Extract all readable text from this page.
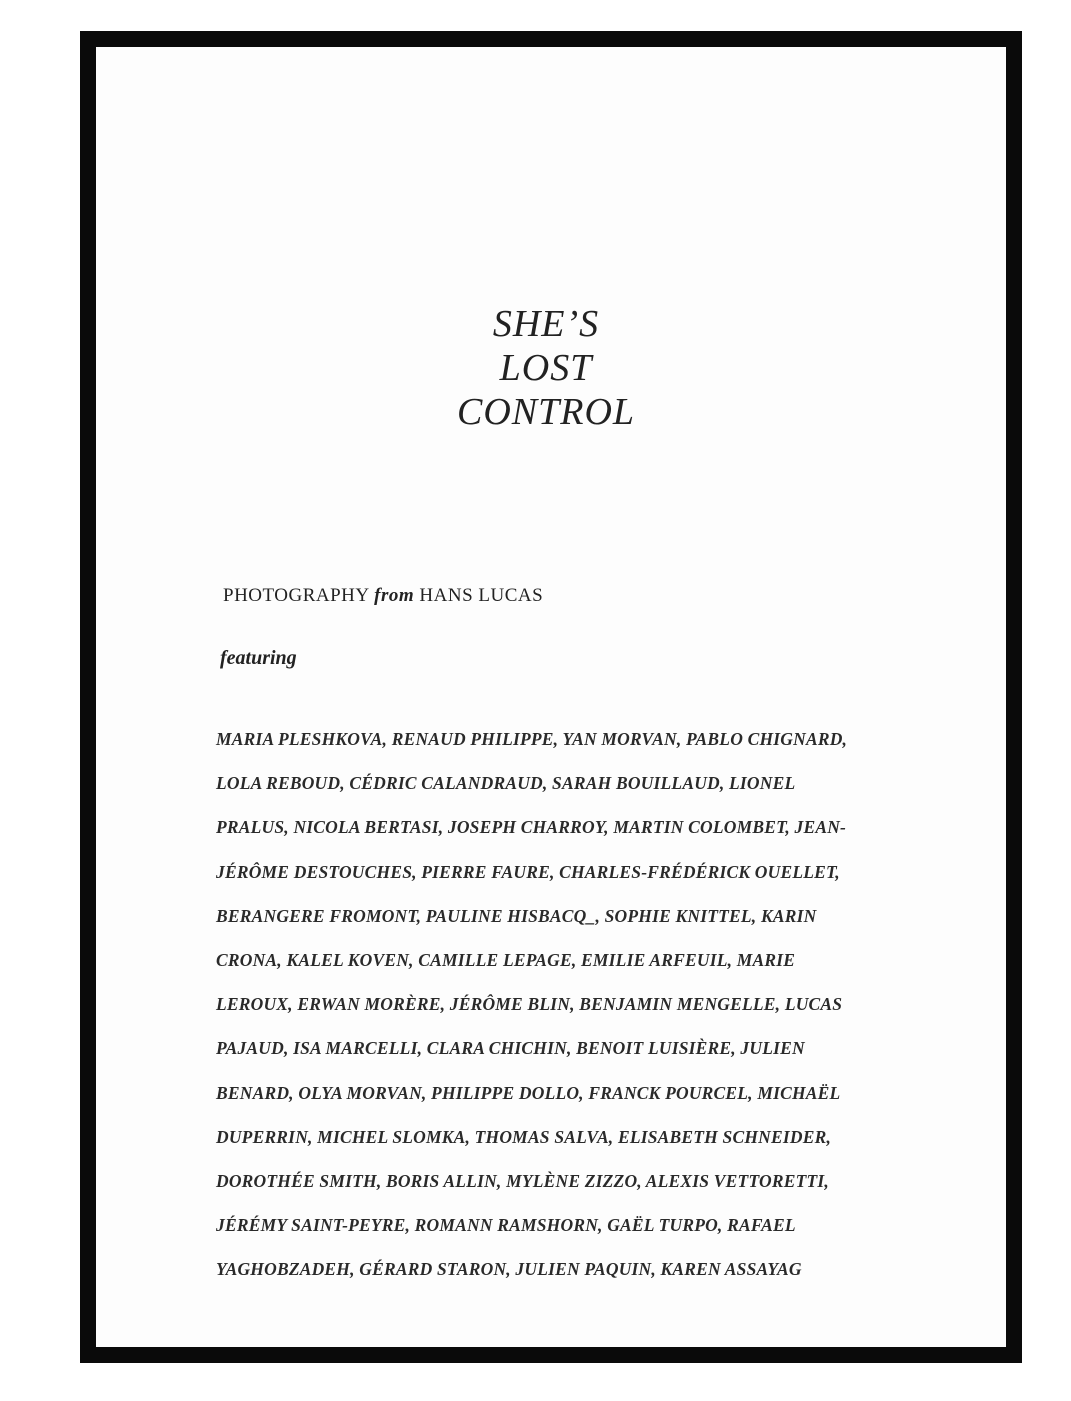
SHE’S
LOST
CONTROL
PHOTOGRAPHY from HANS LUCAS
featuring
MARIA PLESHKOVA, RENAUD PHILIPPE, YAN MORVAN, PABLO CHIGNARD,
LOLA REBOUD, CÉDRIC CALANDRAUD, SARAH BOUILLAUD, LIONEL
PRALUS, NICOLA BERTASI, JOSEPH CHARROY, MARTIN COLOMBET, JEAN-
JÉRÔME DESTOUCHES, PIERRE FAURE, CHARLES-FRÉDÉRICK OUELLET,
BERANGERE FROMONT, PAULINE HISBACQ_, SOPHIE KNITTEL, KARIN
CRONA, KALEL KOVEN, CAMILLE LEPAGE, EMILIE ARFEUIL, MARIE
LEROUX, ERWAN MORÈRE, JÉRÔME BLIN, BENJAMIN MENGELLE, LUCAS
PAJAUD, ISA MARCELLI, CLARA CHICHIN, BENOIT LUISIÈRE, JULIEN
BENARD, OLYA MORVAN, PHILIPPE DOLLO, FRANCK POURCEL, MICHAËL
DUPERRIN, MICHEL SLOMKA, THOMAS SALVA, ELISABETH SCHNEIDER,
DOROTHÉE SMITH, BORIS ALLIN, MYLÈNE ZIZZO, ALEXIS VETTORETTI,
JÉRÉMY SAINT-PEYRE, ROMANN RAMSHORN, GAËL TURPO, RAFAEL
YAGHOBZADEH, GÉRARD STARON, JULIEN PAQUIN, KAREN ASSAYAG
